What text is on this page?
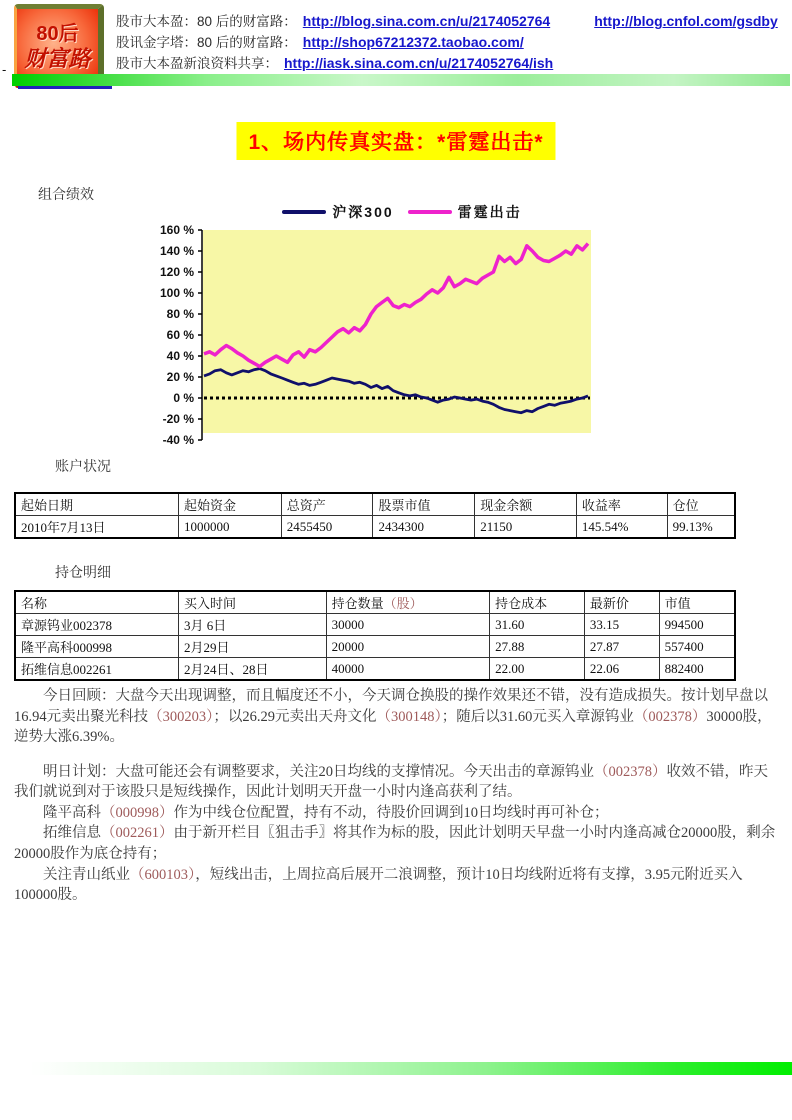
80后
财富路
股市大本盈：80 后的财富路： http://blog.sina.com.cn/u/2174052764	http://blog.cnfol.com/gsdby
股讯金字塔：80 后的财富路： http://shop67212372.taobao.com/
股市大本盈新浪资料共享： http://iask.sina.com.cn/u/2174052764/ish
-
1、场内传真实盘：*雷霆出击*
组合绩效
沪深300	雷霆出击
160 %
140 %
120 %
100 %
80 %
60 %
40 %
20 %
0 %
-20 %
-40 %
账户状况
起始日期	起始资金	总资产	股票市值	现金余额	收益率	仓位
2010年7月13日	1000000	2455450	2434300	21150	145.54%	99.13%
持仓明细
名称	买入时间	持仓数量（股）	持仓成本	最新价	市值
章源钨业002378	3月 6日	30000	31.60	33.15	994500
隆平高科000998	2月29日	20000	27.88	27.87	557400
拓维信息002261	2月24日、28日	40000	22.00	22.06	882400

今日回顾：大盘今天出现调整，而且幅度还不小，今天调仓换股的操作效果还不错，没有造成损失。按计划早盘以16.94元卖出聚光科技（300203）；以26.29元卖出天舟文化（300148）；随后以31.60元买入章源钨业（002378）30000股，逆势大涨6.39%。

明日计划：大盘可能还会有调整要求，关注20日均线的支撑情况。今天出击的章源钨业（002378）收效不错，昨天我们就说到对于该股只是短线操作，因此计划明天开盘一小时内逢高获利了结。

隆平高科（000998）作为中线仓位配置，持有不动，待股价回调到10日均线时再可补仓；

拓维信息（002261）由于新开栏目〖狙击手〗将其作为标的股，因此计划明天早盘一小时内逢高减仓20000股，剩余20000股作为底仓持有；

关注青山纸业（600103），短线出击，上周拉高后展开二浪调整，预计10日均线附近将有支撑，3.95元附近买入100000股。
